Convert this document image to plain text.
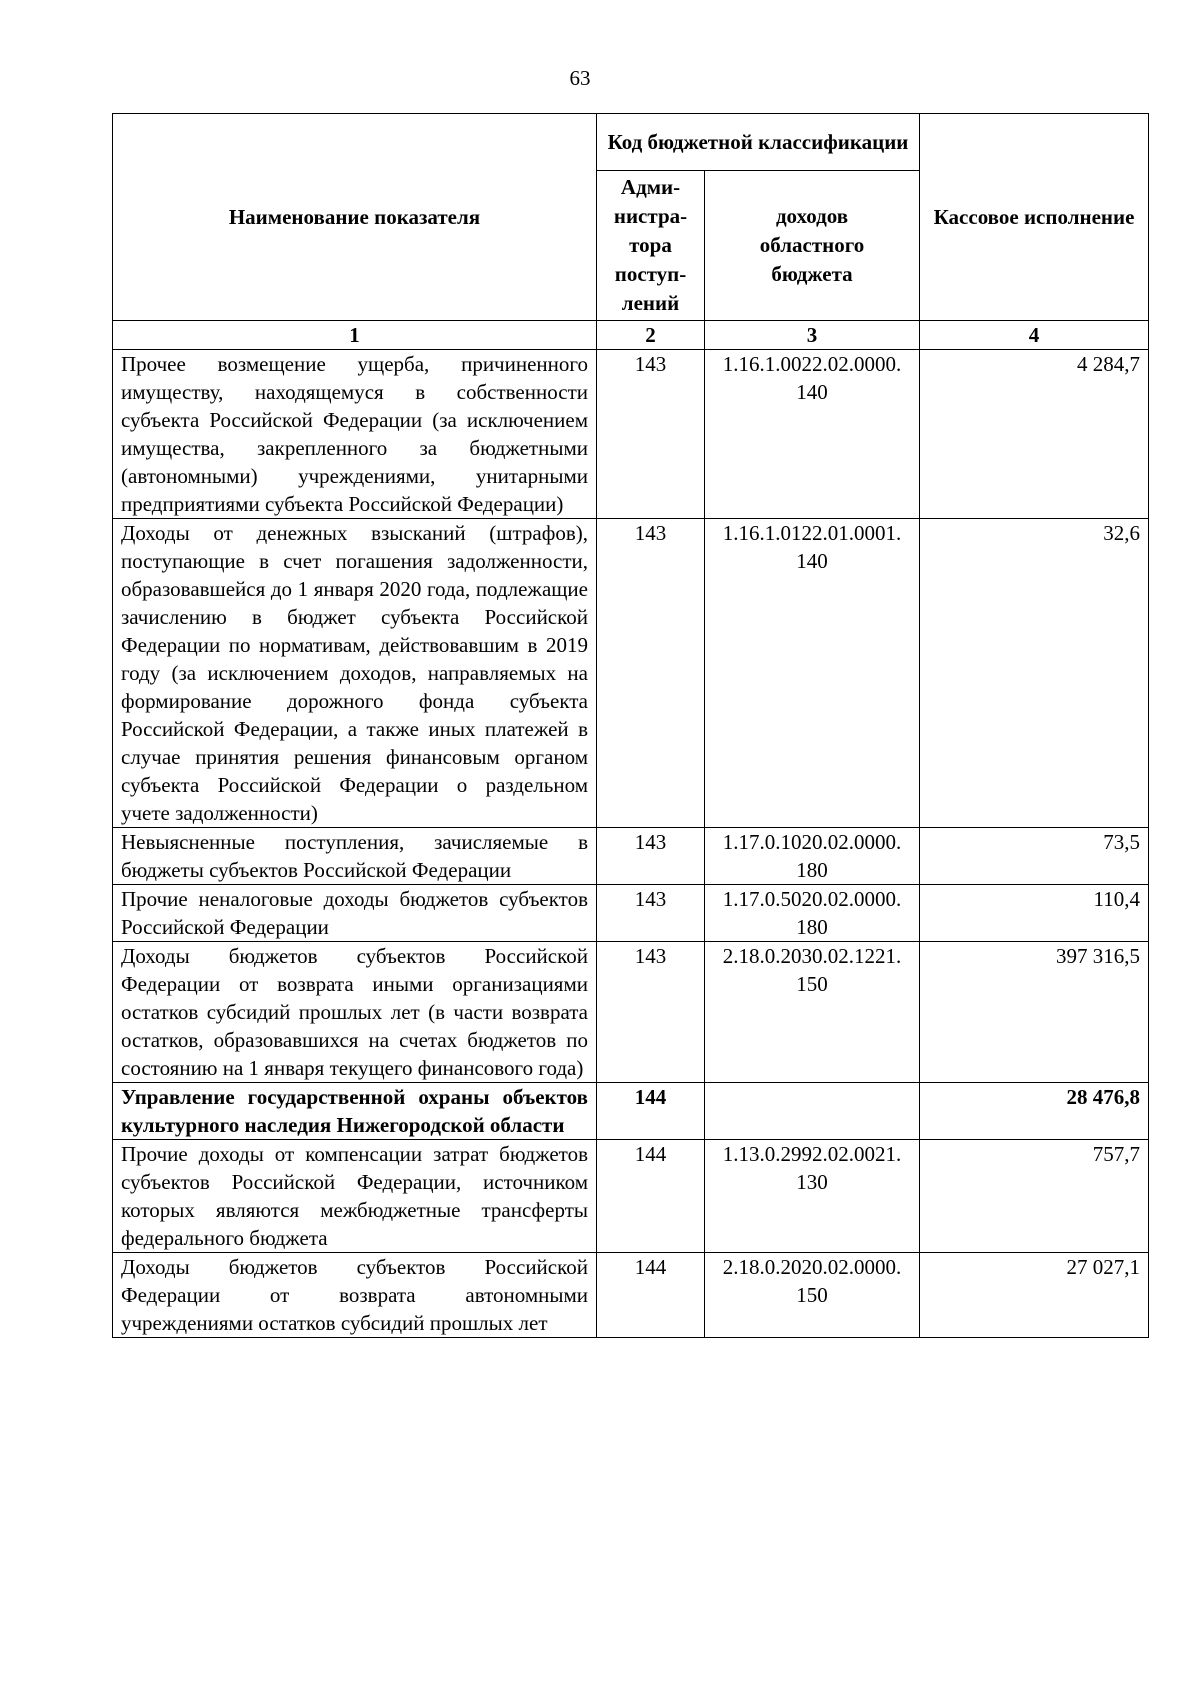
63
Наименование показателя	Код бюджетной классификации		Кассовое исполнение
	Адми-нистра-тора поступ-лений	доходов областного бюджета	
1	2	3	4
Прочее возмещение ущерба, причиненного имуществу, находящемуся в собственности субъекта Российской Федерации (за исключением имущества, закрепленного за бюджетными (автономными) учреждениями, унитарными предприятиями субъекта Российской Федерации)	143	1.16.1.0022.02.0000. 140	4 284,7
Доходы от денежных взысканий (штрафов), поступающие в счет погашения задолженности, образовавшейся до 1 января 2020 года, подлежащие зачислению в бюджет субъекта Российской Федерации по нормативам, действовавшим в 2019 году (за исключением доходов, направляемых на формирование дорожного фонда субъекта Российской Федерации, а также иных платежей в случае принятия решения финансовым органом субъекта Российской Федерации о раздельном учете задолженности)	143	1.16.1.0122.01.0001. 140	32,6
Невыясненные поступления, зачисляемые в бюджеты субъектов Российской Федерации	143	1.17.0.1020.02.0000. 180	73,5
Прочие неналоговые доходы бюджетов субъектов Российской Федерации	143	1.17.0.5020.02.0000. 180	110,4
Доходы бюджетов субъектов Российской Федерации от возврата иными организациями остатков субсидий прошлых лет (в части возврата остатков, образовавшихся на счетах бюджетов по состоянию на 1 января текущего финансового года)	143	2.18.0.2030.02.1221. 150	397 316,5
Управление государственной охраны объектов культурного наследия Нижегородской области	144		28 476,8
Прочие доходы от компенсации затрат бюджетов субъектов Российской Федерации, источником которых являются межбюджетные трансферты федерального бюджета	144	1.13.0.2992.02.0021. 130	757,7
Доходы бюджетов субъектов Российской Федерации от возврата автономными учреждениями остатков субсидий прошлых лет	144	2.18.0.2020.02.0000. 150	27 027,1
